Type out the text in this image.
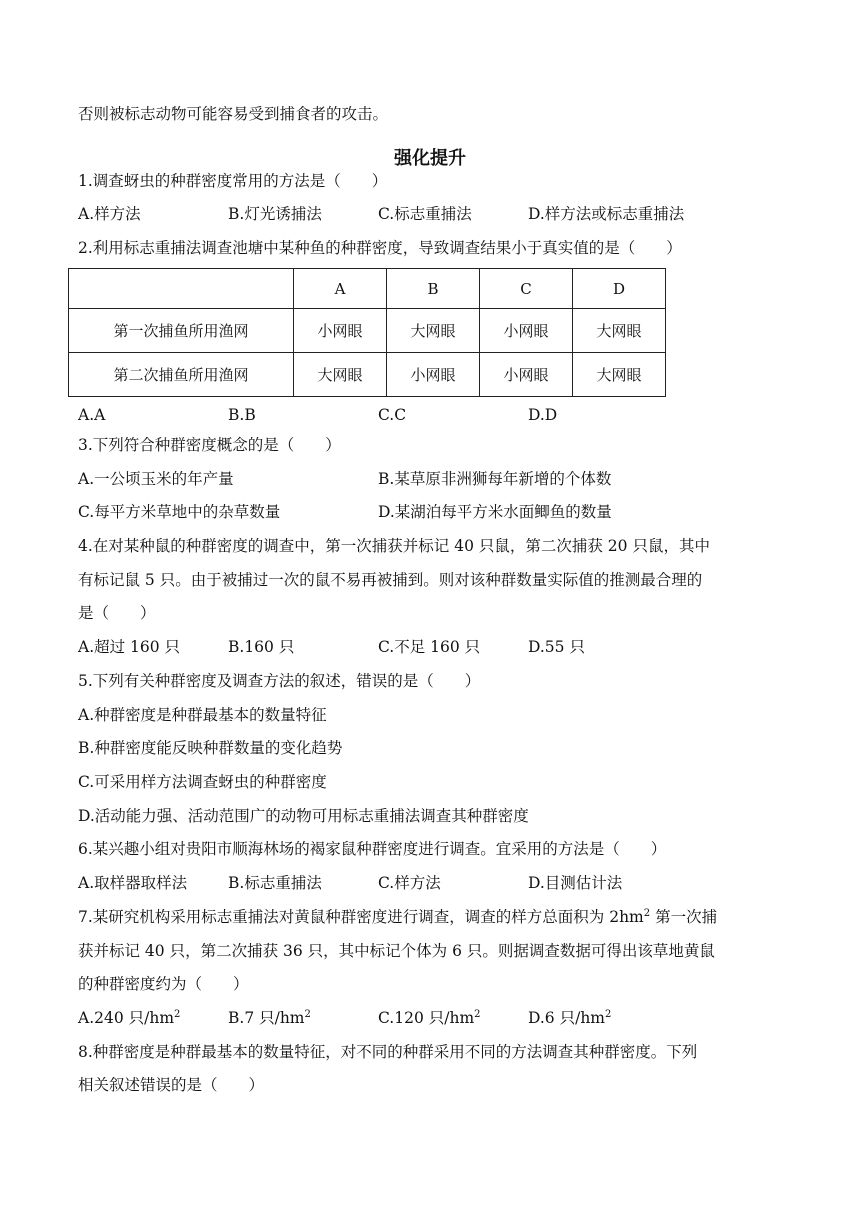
否则被标志动物可能容易受到捕食者的攻击。
强化提升
1.调查蚜虫的种群密度常用的方法是（　　）
A.样方法	B.灯光诱捕法	C.标志重捕法	D.样方法或标志重捕法
2.利用标志重捕法调查池塘中某种鱼的种群密度，导致调查结果小于真实值的是（　　）
	A	B	C	D
第一次捕鱼所用渔网	小网眼	大网眼	小网眼	大网眼
第二次捕鱼所用渔网	大网眼	小网眼	小网眼	大网眼
A.A	B.B	C.C	D.D
3.下列符合种群密度概念的是（　　）
A.一公顷玉米的年产量	B.某草原非洲狮每年新增的个体数
C.每平方米草地中的杂草数量	D.某湖泊每平方米水面鲫鱼的数量
4.在对某种鼠的种群密度的调查中，第一次捕获并标记 40 只鼠，第二次捕获 20 只鼠，其中
有标记鼠 5 只。由于被捕过一次的鼠不易再被捕到。则对该种群数量实际值的推测最合理的
是（　　）
A.超过 160 只	B.160 只	C.不足 160 只	D.55 只
5.下列有关种群密度及调查方法的叙述，错误的是（　　）
A.种群密度是种群最基本的数量特征
B.种群密度能反映种群数量的变化趋势
C.可采用样方法调查蚜虫的种群密度
D.活动能力强、活动范围广的动物可用标志重捕法调查其种群密度
6.某兴趣小组对贵阳市顺海林场的褐家鼠种群密度进行调查。宜采用的方法是（　　）
A.取样器取样法	B.标志重捕法	C.样方法	D.目测估计法
7.某研究机构采用标志重捕法对黄鼠种群密度进行调查，调查的样方总面积为 $2hm^2$ 第一次捕
获并标记 40 只，第二次捕获 36 只，其中标记个体为 6 只。则据调查数据可得出该草地黄鼠
的种群密度约为（　　）
A.240 只$/hm^2$	B.7 只$/hm^2$	C.120 只$/hm^2$	D.6 只$/hm^2$
8.种群密度是种群最基本的数量特征，对不同的种群采用不同的方法调查其种群密度。下列
相关叙述错误的是（　　）
